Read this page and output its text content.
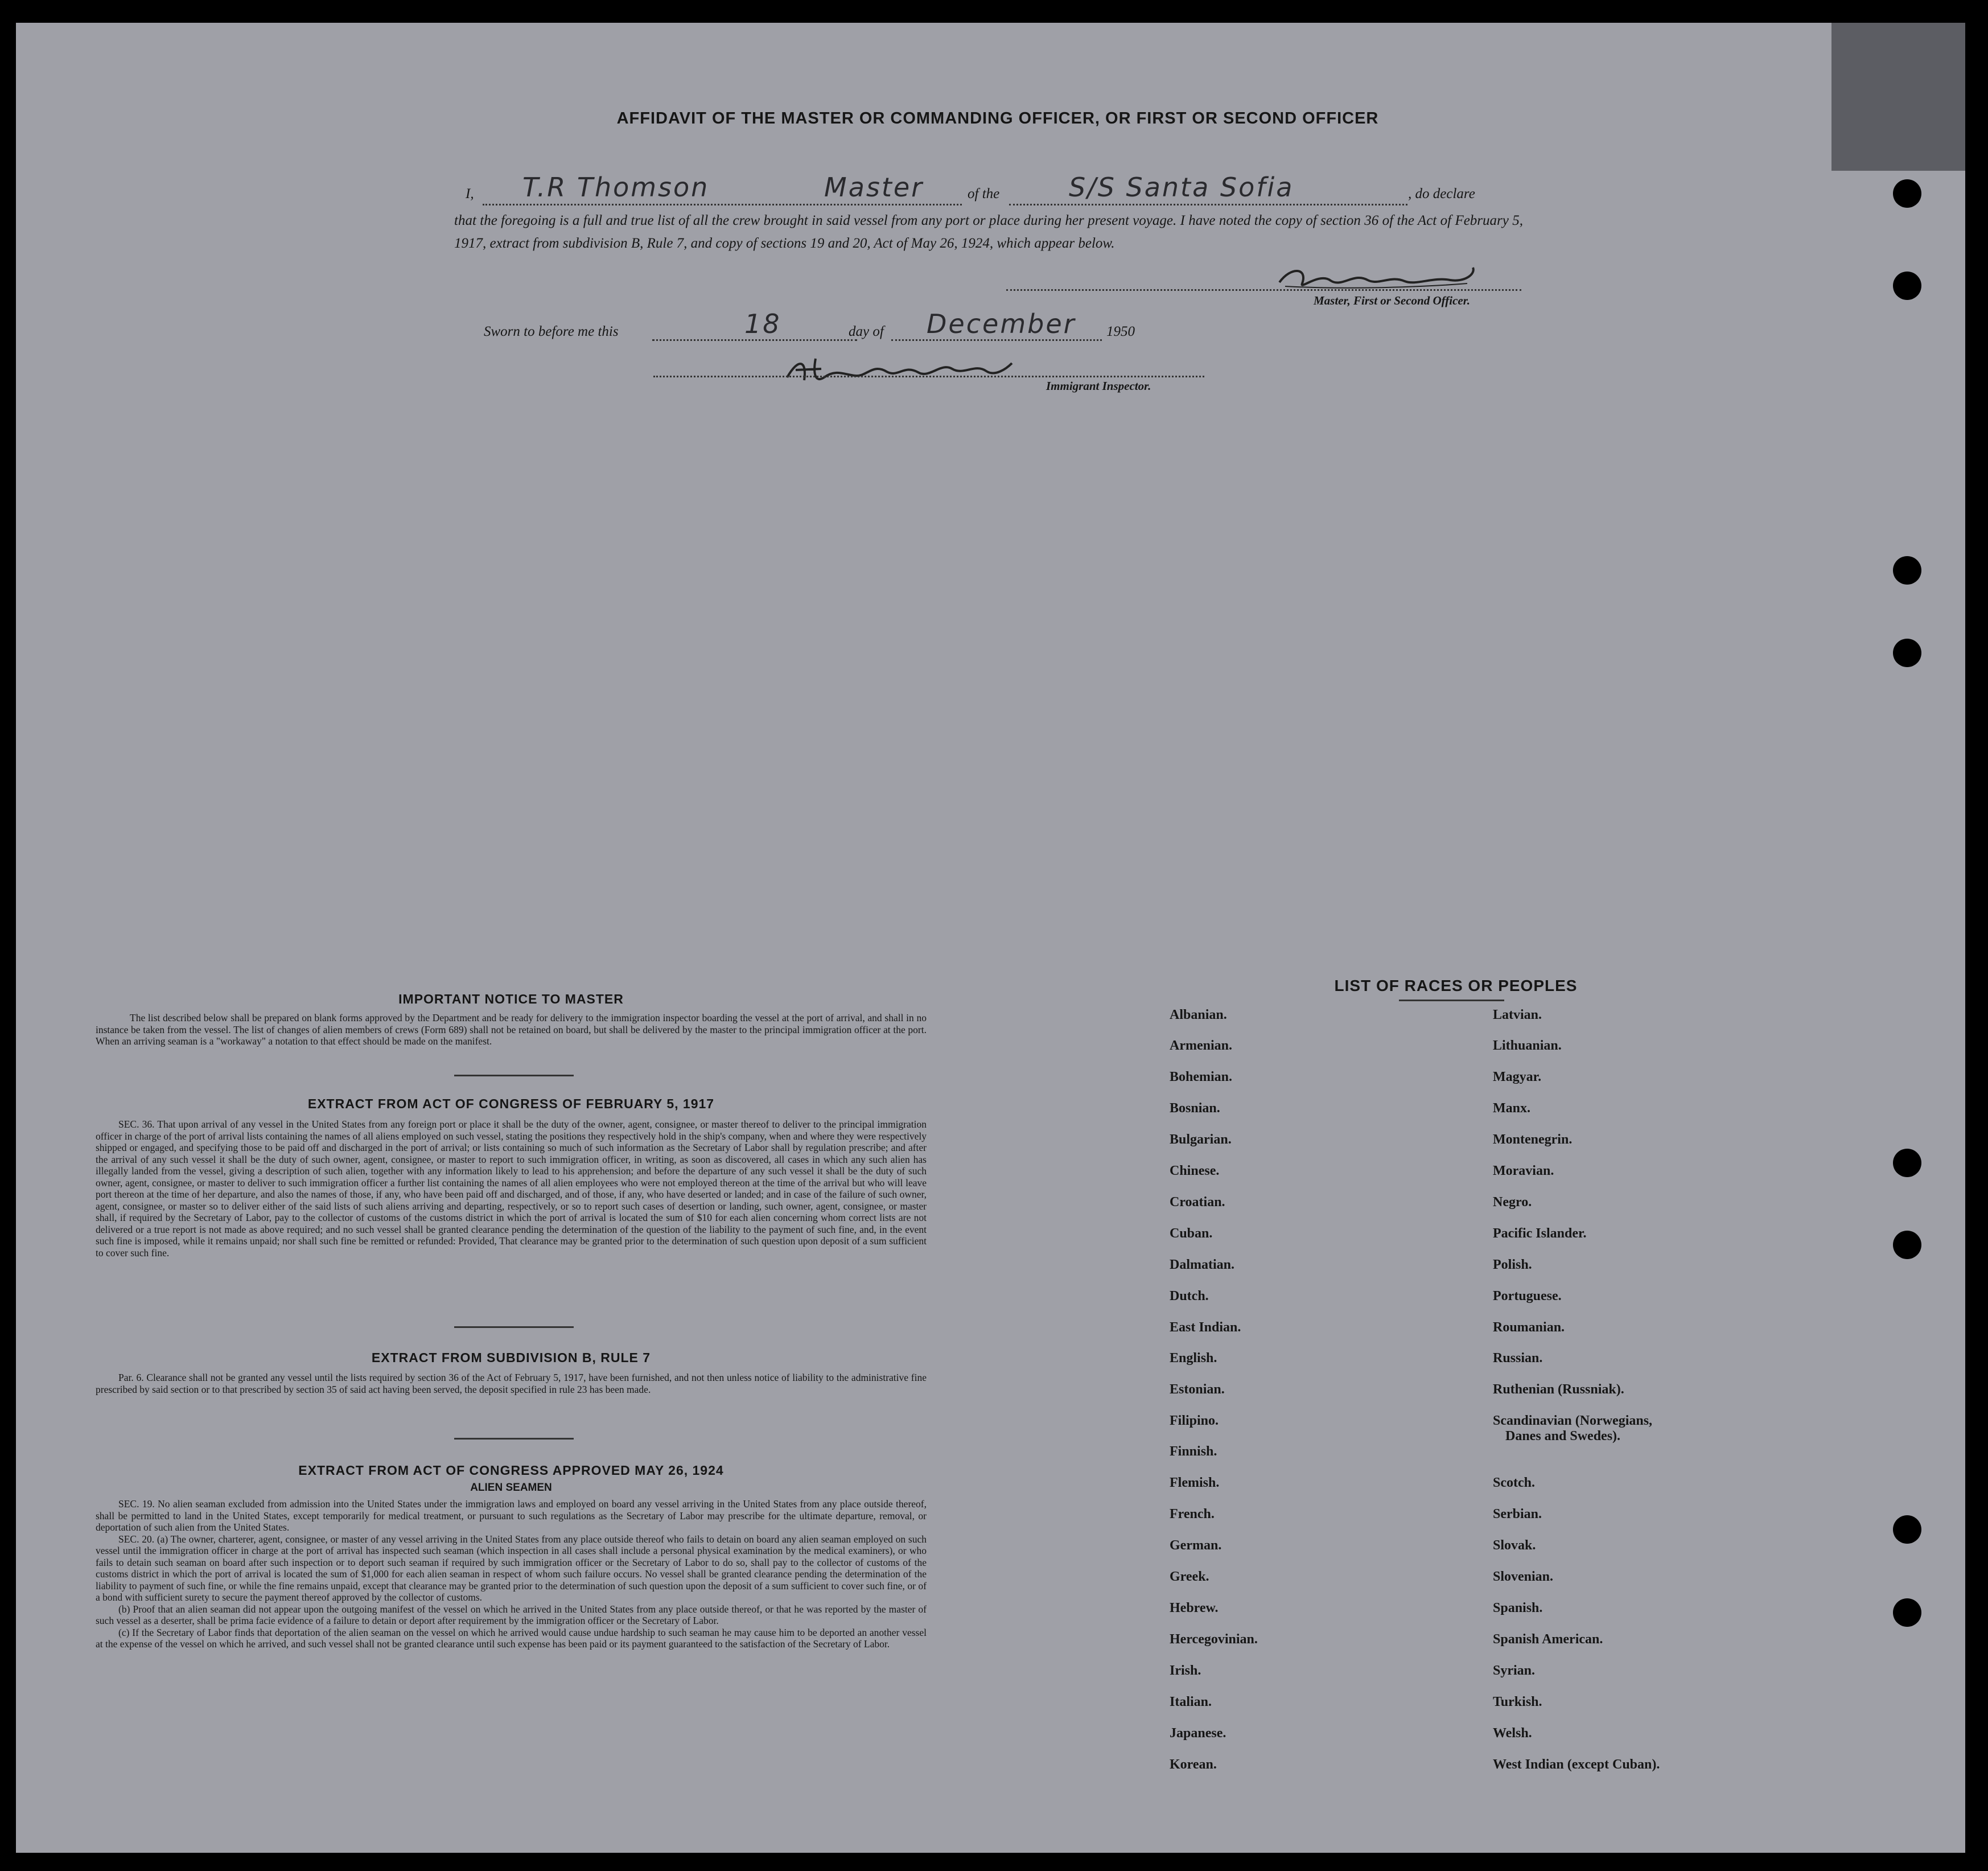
AFFIDAVIT OF THE MASTER OR COMMANDING OFFICER, OR FIRST OR SECOND OFFICER
I, T.R Thomson	Master	of the	S/S Santa Sofia	, do declare
that the foregoing is a full and true list of all the crew brought in said vessel from any port or place during her present voyage. I have noted the copy of section 36 of the Act of February 5, 1917, extract from subdivision B, Rule 7, and copy of sections 19 and 20, Act of May 26, 1924, which appear below.
Master, First or Second Officer.
Sworn to before me this	18	day of December 1950
Immigrant Inspector.
IMPORTANT NOTICE TO MASTER
The list described below shall be prepared on blank forms approved by the Department and be ready for delivery to the immigration inspector boarding the vessel at the port of arrival, and shall in no instance be taken from the vessel. The list of changes of alien members of crews (Form 689) shall not be retained on board, but shall be delivered by the master to the principal immigration officer at the port. When an arriving seaman is a "workaway" a notation to that effect should be made on the manifest.
EXTRACT FROM ACT OF CONGRESS OF FEBRUARY 5, 1917
SEC. 36. That upon arrival of any vessel in the United States from any foreign port or place it shall be the duty of the owner, agent, consignee, or master thereof to deliver to the principal immigration officer in charge of the port of arrival lists containing the names of all aliens employed on such vessel, stating the positions they respectively hold in the ship's company, when and where they were respectively shipped or engaged, and specifying those to be paid off and discharged in the port of arrival; or lists containing so much of such information as the Secretary of Labor shall by regulation prescribe; and after the arrival of any such vessel it shall be the duty of such owner, agent, consignee, or master to report to such immigration officer, in writing, as soon as discovered, all cases in which any such alien has illegally landed from the vessel, giving a description of such alien, together with any information likely to lead to his apprehension; and before the departure of any such vessel it shall be the duty of such owner, agent, consignee, or master to deliver to such immigration officer a further list containing the names of all alien employees who were not employed thereon at the time of the arrival but who will leave port thereon at the time of her departure, and also the names of those, if any, who have been paid off and discharged, and of those, if any, who have deserted or landed; and in case of the failure of such owner, agent, consignee, or master so to deliver either of the said lists of such aliens arriving and departing, respectively, or so to report such cases of desertion or landing, such owner, agent, consignee, or master shall, if required by the Secretary of Labor, pay to the collector of customs of the customs district in which the port of arrival is located the sum of $10 for each alien concerning whom correct lists are not delivered or a true report is not made as above required; and no such vessel shall be granted clearance pending the determination of the question of the liability to the payment of such fine, and, in the event such fine is imposed, while it remains unpaid; nor shall such fine be remitted or refunded: Provided, That clearance may be granted prior to the determination of such question upon deposit of a sum sufficient to cover such fine.
EXTRACT FROM SUBDIVISION B, RULE 7
Par. 6. Clearance shall not be granted any vessel until the lists required by section 36 of the Act of February 5, 1917, have been furnished, and not then unless notice of liability to the administrative fine prescribed by said section or to that prescribed by section 35 of said act having been served, the deposit specified in rule 23 has been made.
EXTRACT FROM ACT OF CONGRESS APPROVED MAY 26, 1924
ALIEN SEAMEN
SEC. 19. No alien seaman excluded from admission into the United States under the immigration laws and employed on board any vessel arriving in the United States from any place outside thereof, shall be permitted to land in the United States, except temporarily for medical treatment, or pursuant to such regulations as the Secretary of Labor may prescribe for the ultimate departure, removal, or deportation of such alien from the United States.
SEC. 20. (a) The owner, charterer, agent, consignee, or master of any vessel arriving in the United States from any place outside thereof who fails to detain on board any alien seaman employed on such vessel until the immigration officer in charge at the port of arrival has inspected such seaman (which inspection in all cases shall include a personal physical examination by the medical examiners), or who fails to detain such seaman on board after such inspection or to deport such seaman if required by such immigration officer or the Secretary of Labor to do so, shall pay to the collector of customs of the customs district in which the port of arrival is located the sum of $1,000 for each alien seaman in respect of whom such failure occurs. No vessel shall be granted clearance pending the determination of the liability to payment of such fine, or while the fine remains unpaid, except that clearance may be granted prior to the determination of such question upon the deposit of a sum sufficient to cover such fine, or of a bond with sufficient surety to secure the payment thereof approved by the collector of customs.
(b) Proof that an alien seaman did not appear upon the outgoing manifest of the vessel on which he arrived in the United States from any place outside thereof, or that he was reported by the master of such vessel as a deserter, shall be prima facie evidence of a failure to detain or deport after requirement by the immigration officer or the Secretary of Labor.
(c) If the Secretary of Labor finds that deportation of the alien seaman on the vessel on which he arrived would cause undue hardship to such seaman he may cause him to be deported an another vessel at the expense of the vessel on which he arrived, and such vessel shall not be granted clearance until such expense has been paid or its payment guaranteed to the satisfaction of the Secretary of Labor.
LIST OF RACES OR PEOPLES
Albanian.
Armenian.
Bohemian.
Bosnian.
Bulgarian.
Chinese.
Croatian.
Cuban.
Dalmatian.
Dutch.
East Indian.
English.
Estonian.
Filipino.
Finnish.
Flemish.
French.
German.
Greek.
Hebrew.
Hercegovinian.
Irish.
Italian.
Japanese.
Korean.
Latvian.
Lithuanian.
Magyar.
Manx.
Montenegrin.
Moravian.
Negro.
Pacific Islander.
Polish.
Portuguese.
Roumanian.
Russian.
Ruthenian (Russniak).
Scandinavian (Norwegians,
Danes and Swedes).
Scotch.
Serbian.
Slovak.
Slovenian.
Spanish.
Spanish American.
Syrian.
Turkish.
Welsh.
West Indian (except Cuban).
